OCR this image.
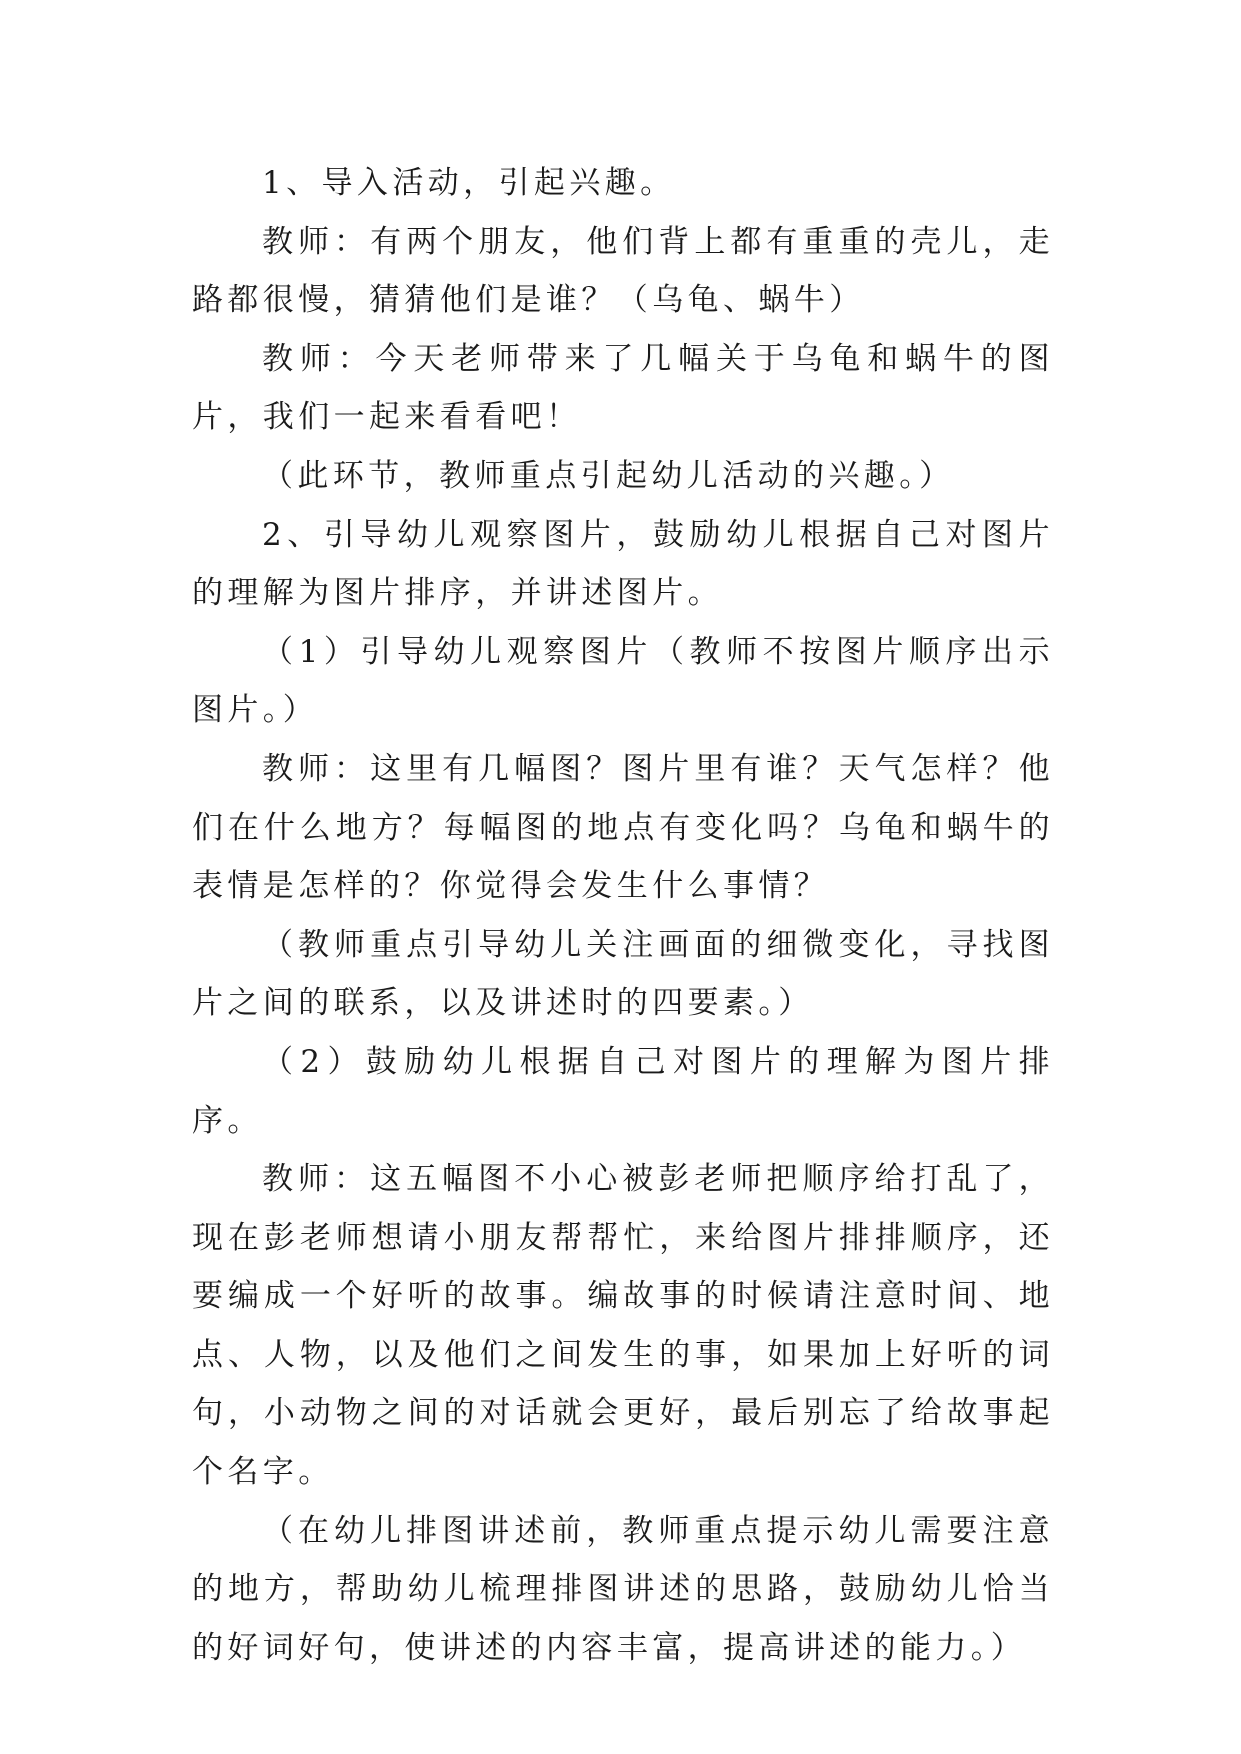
1、导入活动，引起兴趣。

教师：有两个朋友，他们背上都有重重的壳儿，走路都很慢，猜猜他们是谁？（乌龟、蜗牛）

教师：今天老师带来了几幅关于乌龟和蜗牛的图片，我们一起来看看吧！

（此环节，教师重点引起幼儿活动的兴趣。）

2、引导幼儿观察图片，鼓励幼儿根据自己对图片的理解为图片排序，并讲述图片。

（1）引导幼儿观察图片（教师不按图片顺序出示图片。）

教师：这里有几幅图？图片里有谁？天气怎样？他们在什么地方？每幅图的地点有变化吗？乌龟和蜗牛的表情是怎样的？你觉得会发生什么事情？

（教师重点引导幼儿关注画面的细微变化，寻找图片之间的联系，以及讲述时的四要素。）

（2）鼓励幼儿根据自己对图片的理解为图片排序。

教师：这五幅图不小心被彭老师把顺序给打乱了，现在彭老师想请小朋友帮帮忙，来给图片排排顺序，还要编成一个好听的故事。编故事的时候请注意时间、地点、人物，以及他们之间发生的事，如果加上好听的词句，小动物之间的对话就会更好，最后别忘了给故事起个名字。

（在幼儿排图讲述前，教师重点提示幼儿需要注意的地方，帮助幼儿梳理排图讲述的思路，鼓励幼儿恰当的好词好句，使讲述的内容丰富，提高讲述的能力。）
